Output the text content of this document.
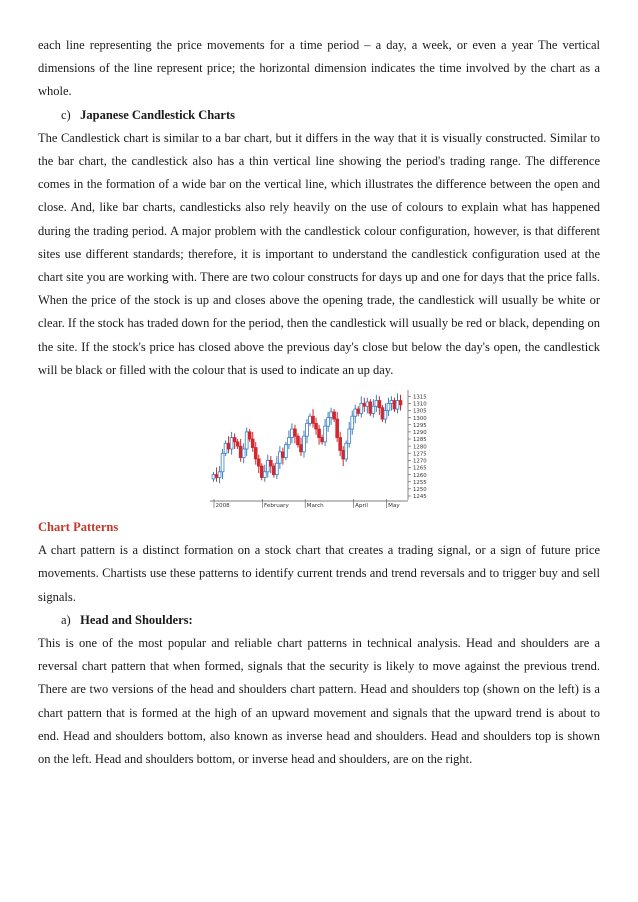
each line representing the price movements for a time period – a day, a week, or even a year The vertical dimensions of the line represent price; the horizontal dimension indicates the time involved by the chart as a whole.

c) Japanese Candlestick Charts

The Candlestick chart is similar to a bar chart, but it differs in the way that it is visually constructed. Similar to the bar chart, the candlestick also has a thin vertical line showing the period's trading range. The difference comes in the formation of a wide bar on the vertical line, which illustrates the difference between the open and close. And, like bar charts, candlesticks also rely heavily on the use of colours to explain what has happened during the trading period. A major problem with the candlestick colour configuration, however, is that different sites use different standards; therefore, it is important to understand the candlestick configuration used at the chart site you are working with. There are two colour constructs for days up and one for days that the price falls. When the price of the stock is up and closes above the opening trade, the candlestick will usually be white or clear. If the stock has traded down for the period, then the candlestick will usually be red or black, depending on the site. If the stock's price has closed above the previous day's close but below the day's open, the candlestick will be black or filled with the colour that is used to indicate an up day.

1315
1310
1305
1300
1295
1290
1285
1280
1275
1270
1265
1260
1255
1250
1245
2008	February	March	April	May

Chart Patterns

A chart pattern is a distinct formation on a stock chart that creates a trading signal, or a sign of future price movements. Chartists use these patterns to identify current trends and trend reversals and to trigger buy and sell signals.

a) Head and Shoulders:

This is one of the most popular and reliable chart patterns in technical analysis. Head and shoulders are a reversal chart pattern that when formed, signals that the security is likely to move against the previous trend. There are two versions of the head and shoulders chart pattern. Head and shoulders top (shown on the left) is a chart pattern that is formed at the high of an upward movement and signals that the upward trend is about to end. Head and shoulders bottom, also known as inverse head and shoulders. Head and shoulders top is shown on the left. Head and shoulders bottom, or inverse head and shoulders, are on the right.
